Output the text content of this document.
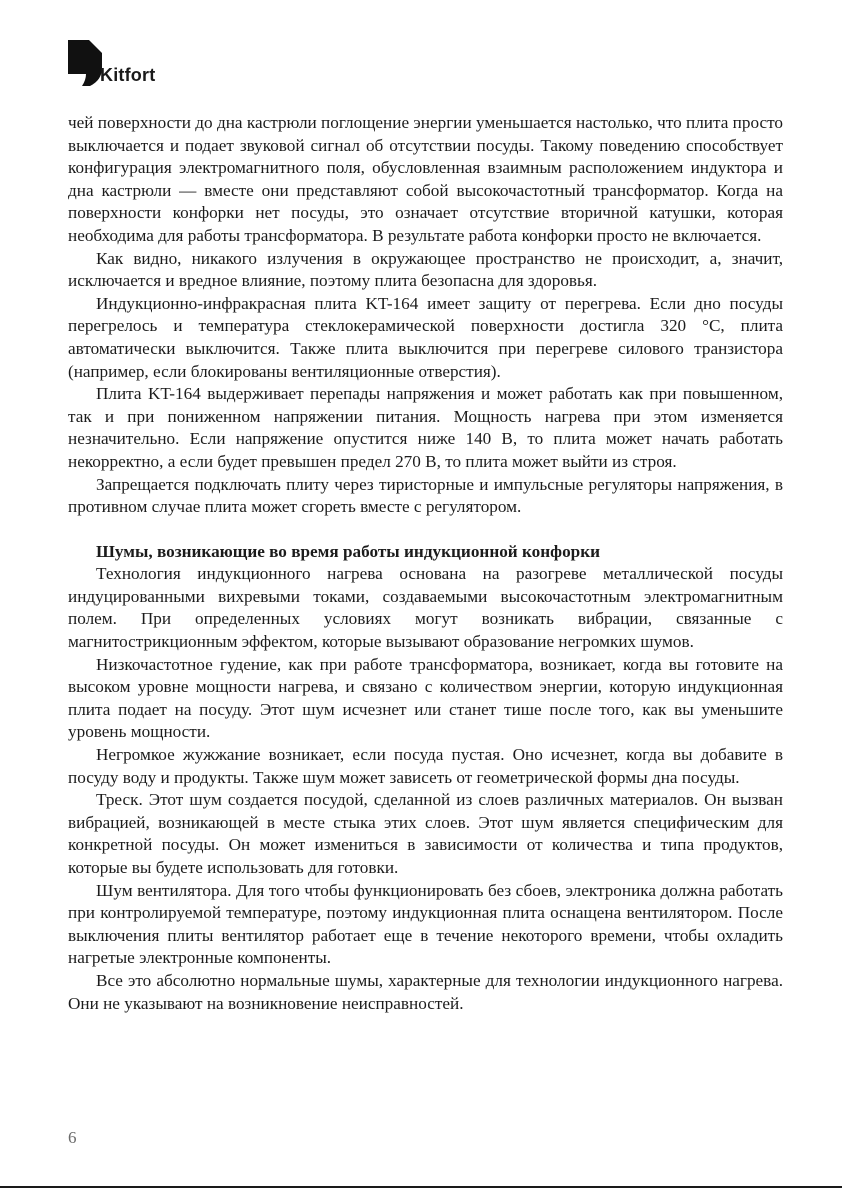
Kitfort

чей поверхности до дна кастрюли поглощение энергии уменьшается настолько, что плита просто выключается и подает звуковой сигнал об отсутствии посуды. Такому поведению способствует конфигурация электромагнитного поля, обусловленная взаимным расположением индуктора и дна кастрюли — вместе они представляют собой высокочастотный трансформатор. Когда на поверхности конфорки нет посуды, это означает отсутствие вторичной катушки, которая необходима для работы трансформатора. В результате работа конфорки просто не включается.

Как видно, никакого излучения в окружающее пространство не происходит, а, значит, исключается и вредное влияние, поэтому плита безопасна для здоровья.

Индукционно-инфракрасная плита KT-164 имеет защиту от перегрева. Если дно посуды перегрелось и температура стеклокерамической поверхности достигла 320 °С, плита автоматически выключится. Также плита выключится при перегреве силового транзистора (например, если блокированы вентиляционные отверстия).

Плита KT-164 выдерживает перепады напряжения и может работать как при повышенном, так и при пониженном напряжении питания. Мощность нагрева при этом изменяется незначительно. Если напряжение опустится ниже 140 В, то плита может начать работать некорректно, а если будет превышен предел 270 В, то плита может выйти из строя.

Запрещается подключать плиту через тиристорные и импульсные регуляторы напряжения, в противном случае плита может сгореть вместе с регулятором.

Шумы, возникающие во время работы индукционной конфорки

Технология индукционного нагрева основана на разогреве металлической посуды индуцированными вихревыми токами, создаваемыми высокочастотным электромагнитным полем. При определенных условиях могут возникать вибрации, связанные с магнитострикционным эффектом, которые вызывают образование негромких шумов.

Низкочастотное гудение, как при работе трансформатора, возникает, когда вы готовите на высоком уровне мощности нагрева, и связано с количеством энергии, которую индукционная плита подает на посуду. Этот шум исчезнет или станет тише после того, как вы уменьшите уровень мощности.

Негромкое жужжание возникает, если посуда пустая. Оно исчезнет, когда вы добавите в посуду воду и продукты. Также шум может зависеть от геометрической формы дна посуды.

Треск. Этот шум создается посудой, сделанной из слоев различных материалов. Он вызван вибрацией, возникающей в месте стыка этих слоев. Этот шум является специфическим для конкретной посуды. Он может измениться в зависимости от количества и типа продуктов, которые вы будете использовать для готовки.

Шум вентилятора. Для того чтобы функционировать без сбоев, электроника должна работать при контролируемой температуре, поэтому индукционная плита оснащена вентилятором. После выключения плиты вентилятор работает еще в течение некоторого времени, чтобы охладить нагретые электронные компоненты.

Все это абсолютно нормальные шумы, характерные для технологии индукционного нагрева. Они не указывают на возникновение неисправностей.

6
